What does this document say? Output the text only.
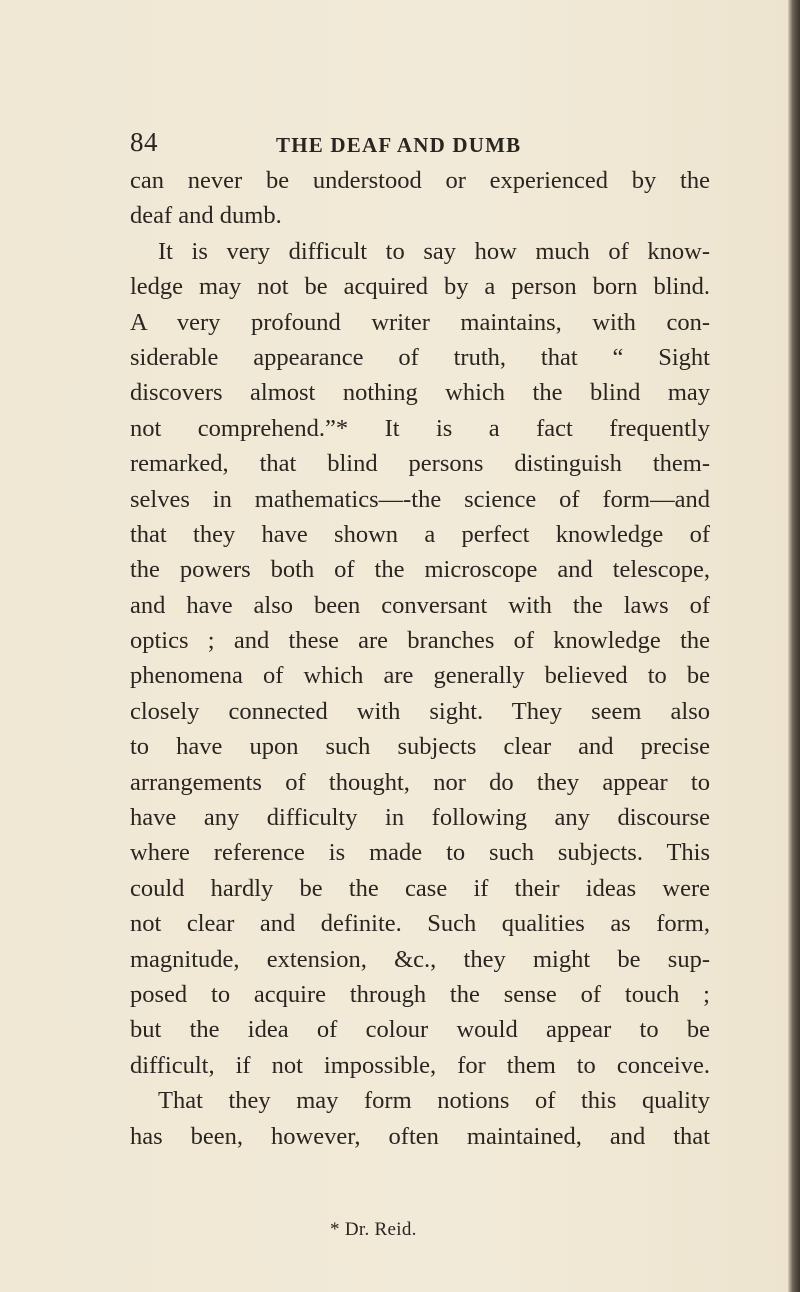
84	THE DEAF AND DUMB
can never be understood or experienced by the
deaf and dumb.
It is very difficult to say how much of know-
ledge may not be acquired by a person born blind.
A very profound writer maintains, with con-
siderable appearance of truth, that “ Sight
discovers almost nothing which the blind may
not comprehend.”* It is a fact frequently
remarked, that blind persons distinguish them-
selves in mathematics—-the science of form—and
that they have shown a perfect knowledge of
the powers both of the microscope and telescope,
and have also been conversant with the laws of
optics ; and these are branches of knowledge the
phenomena of which are generally believed to be
closely connected with sight. They seem also
to have upon such subjects clear and precise
arrangements of thought, nor do they appear to
have any difficulty in following any discourse
where reference is made to such subjects. This
could hardly be the case if their ideas were
not clear and definite. Such qualities as form,
magnitude, extension, &c., they might be sup-
posed to acquire through the sense of touch ;
but the idea of colour would appear to be
difficult, if not impossible, for them to conceive.
That they may form notions of this quality
has been, however, often maintained, and that
* Dr. Reid.
